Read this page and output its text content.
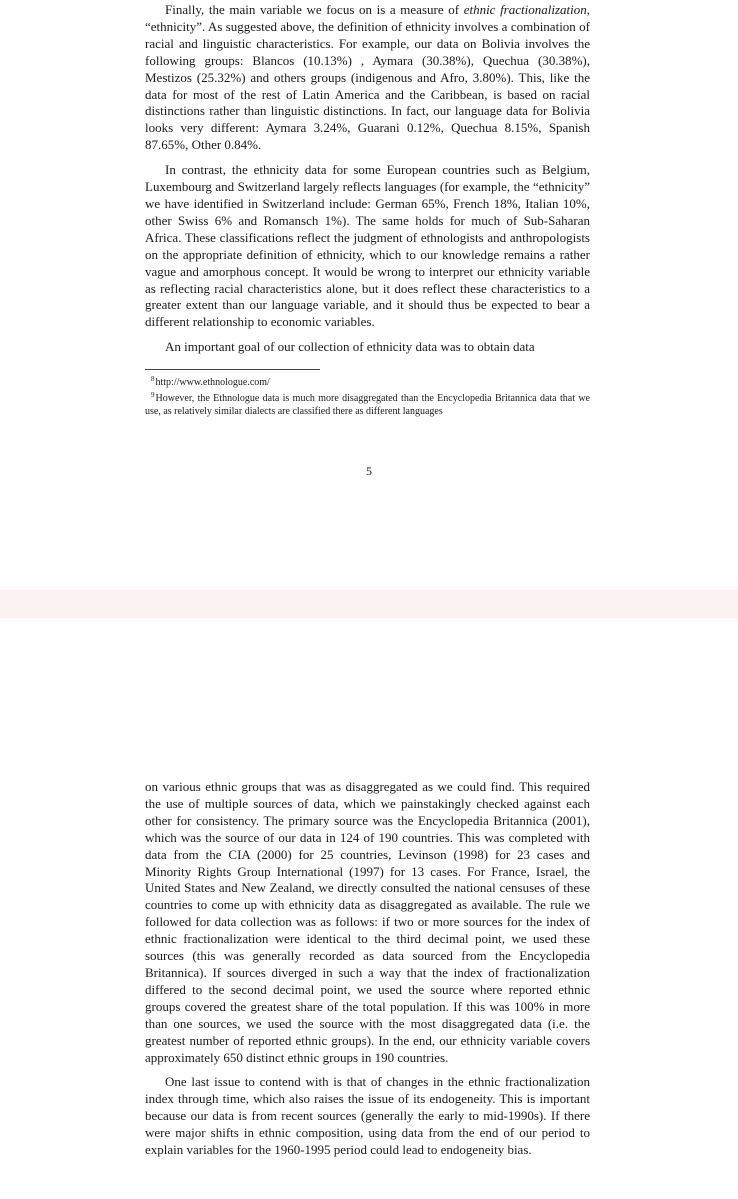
Finally, the main variable we focus on is a measure of ethnic fractionalization, “ethnicity”. As suggested above, the definition of ethnicity involves a combination of racial and linguistic characteristics. For example, our data on Bolivia involves the following groups: Blancos (10.13%) , Aymara (30.38%), Quechua (30.38%), Mestizos (25.32%) and others groups (indigenous and Afro, 3.80%). This, like the data for most of the rest of Latin America and the Caribbean, is based on racial distinctions rather than linguistic distinctions. In fact, our language data for Bolivia looks very different: Aymara 3.24%, Guarani 0.12%, Quechua 8.15%, Spanish 87.65%, Other 0.84%.

In contrast, the ethnicity data for some European countries such as Belgium, Luxembourg and Switzerland largely reflects languages (for example, the “ethnicity” we have identified in Switzerland include: German 65%, French 18%, Italian 10%, other Swiss 6% and Romansch 1%). The same holds for much of Sub-Saharan Africa. These classifications reflect the judgment of ethnologists and anthropologists on the appropriate definition of ethnicity, which to our knowledge remains a rather vague and amorphous concept. It would be wrong to interpret our ethnicity variable as reflecting racial characteristics alone, but it does reflect these characteristics to a greater extent than our language variable, and it should thus be expected to bear a different relationship to economic variables.

An important goal of our collection of ethnicity data was to obtain data

$^8$http://www.ethnologue.com/

$^9$However, the Ethnologue data is much more disaggregated than the Encyclopedia Britannica data that we use, as relatively similar dialects are classified there as different languages

5

on various ethnic groups that was as disaggregated as we could find. This required the use of multiple sources of data, which we painstakingly checked against each other for consistency. The primary source was the Encyclopedia Britannica (2001), which was the source of our data in 124 of 190 countries. This was completed with data from the CIA (2000) for 25 countries, Levinson (1998) for 23 cases and Minority Rights Group International (1997) for 13 cases. For France, Israel, the United States and New Zealand, we directly consulted the national censuses of these countries to come up with ethnicity data as disaggregated as available. The rule we followed for data collection was as follows: if two or more sources for the index of ethnic fractionalization were identical to the third decimal point, we used these sources (this was generally recorded as data sourced from the Encyclopedia Britannica). If sources diverged in such a way that the index of fractionalization differed to the second decimal point, we used the source where reported ethnic groups covered the greatest share of the total population. If this was 100% in more than one sources, we used the source with the most disaggregated data (i.e. the greatest number of reported ethnic groups). In the end, our ethnicity variable covers approximately 650 distinct ethnic groups in 190 countries.

One last issue to contend with is that of changes in the ethnic fractionalization index through time, which also raises the issue of its endogeneity. This is important because our data is from recent sources (generally the early to mid-1990s). If there were major shifts in ethnic composition, using data from the end of our period to explain variables for the 1960-1995 period could lead to endogeneity bias.
